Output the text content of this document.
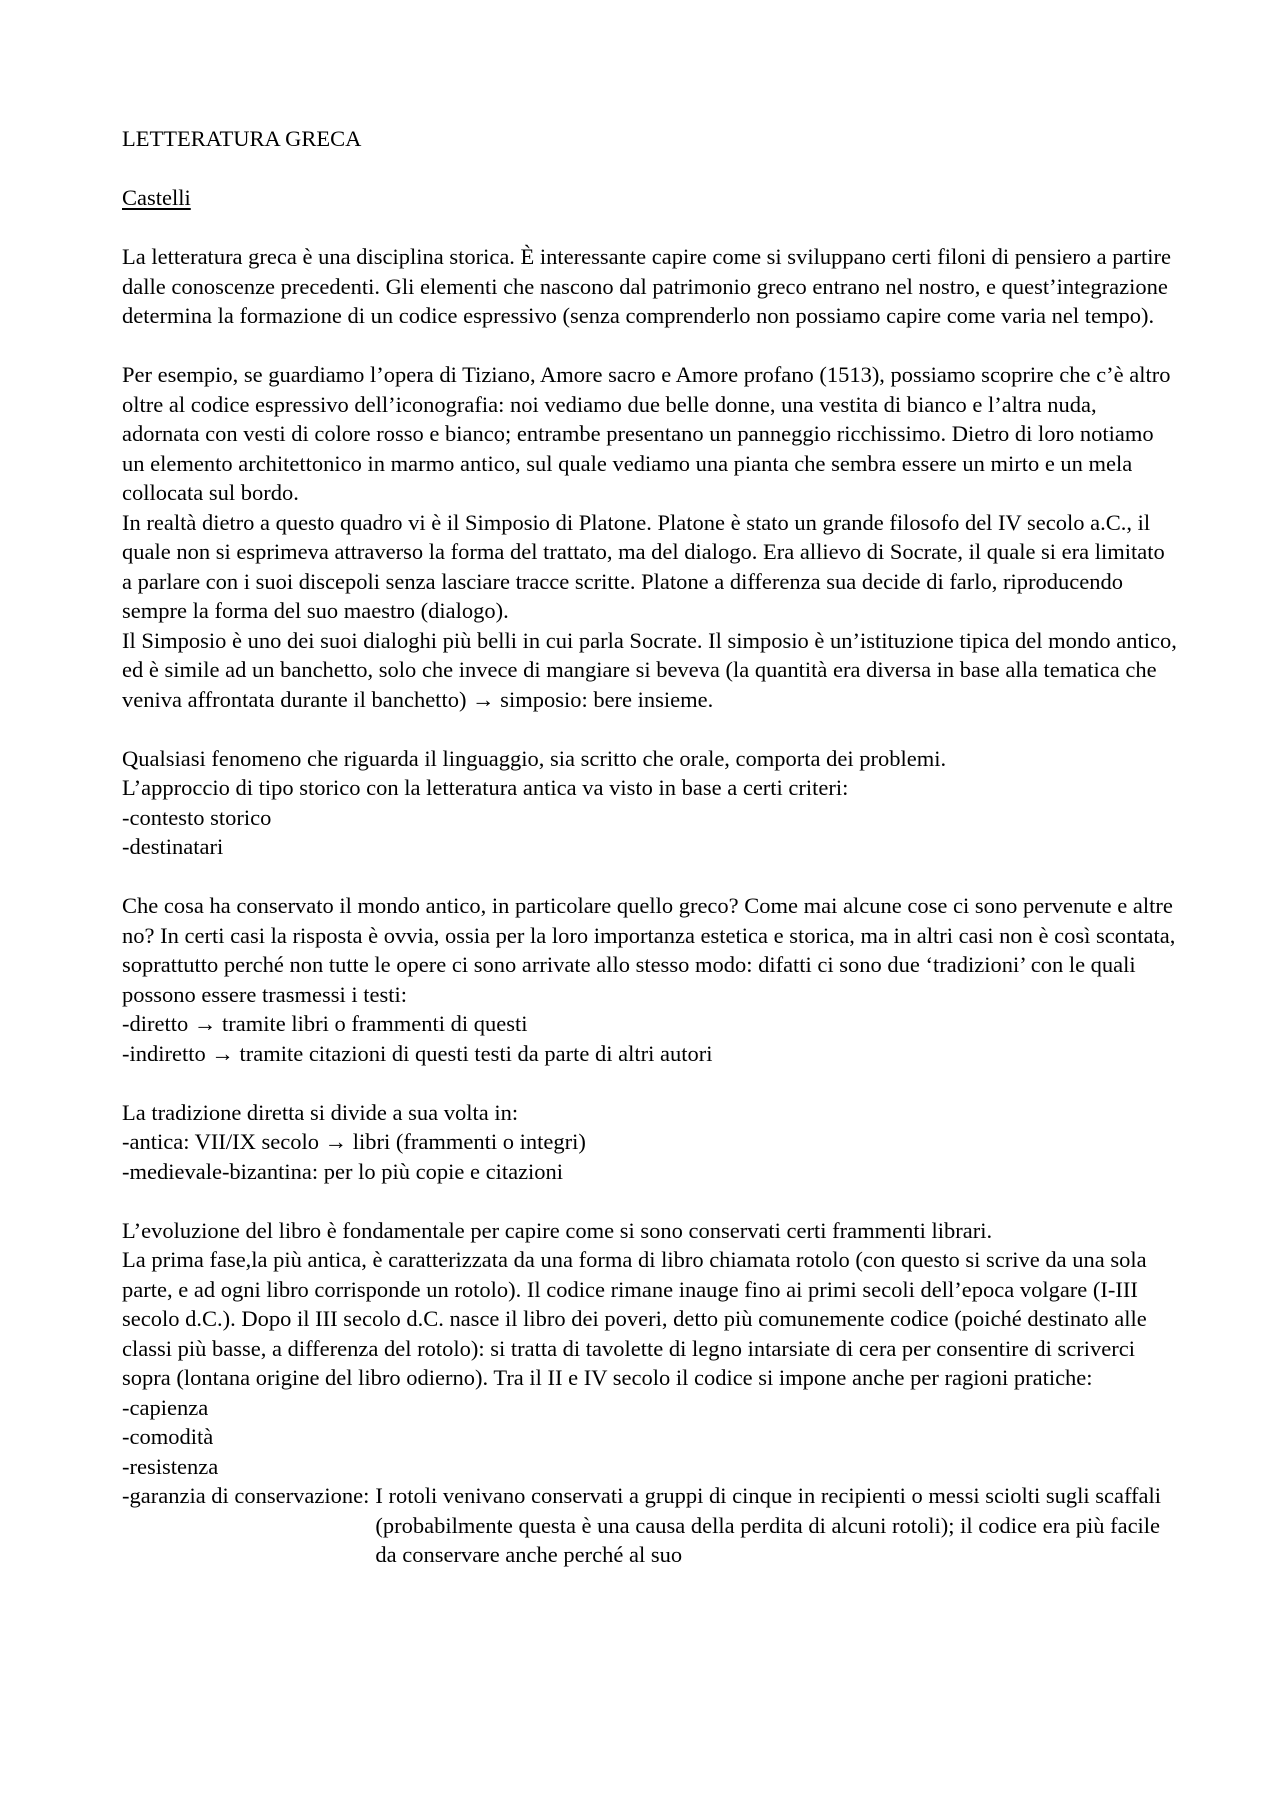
LETTERATURA GRECA
Castelli

La letteratura greca è una disciplina storica. È interessante capire come si sviluppano certi filoni di pensiero a partire dalle conoscenze precedenti. Gli elementi che nascono dal patrimonio greco entrano nel nostro, e quest’integrazione determina la formazione di un codice espressivo (senza comprenderlo non possiamo capire come varia nel tempo).

Per esempio, se guardiamo l’opera di Tiziano, Amore sacro e Amore profano (1513), possiamo scoprire che c’è altro oltre al codice espressivo dell’iconografia: noi vediamo due belle donne, una vestita di bianco e l’altra nuda, adornata con vesti di colore rosso e bianco; entrambe presentano un panneggio ricchissimo. Dietro di loro notiamo un elemento architettonico in marmo antico, sul quale vediamo una pianta che sembra essere un mirto e un mela collocata sul bordo.

In realtà dietro a questo quadro vi è il Simposio di Platone. Platone è stato un grande filosofo del IV secolo a.C., il quale non si esprimeva attraverso la forma del trattato, ma del dialogo. Era allievo di Socrate, il quale si era limitato a parlare con i suoi discepoli senza lasciare tracce scritte. Platone a differenza sua decide di farlo, riproducendo sempre la forma del suo maestro (dialogo).

Il Simposio è uno dei suoi dialoghi più belli in cui parla Socrate. Il simposio è un’istituzione tipica del mondo antico, ed è simile ad un banchetto, solo che invece di mangiare si beveva (la quantità era diversa in base alla tematica che veniva affrontata durante il banchetto) → simposio: bere insieme.

Qualsiasi fenomeno che riguarda il linguaggio, sia scritto che orale, comporta dei problemi.

L’approccio di tipo storico con la letteratura antica va visto in base a certi criteri:

-contesto storico

-destinatari

Che cosa ha conservato il mondo antico, in particolare quello greco? Come mai alcune cose ci sono pervenute e altre no? In certi casi la risposta è ovvia, ossia per la loro importanza estetica e storica, ma in altri casi non è così scontata, soprattutto perché non tutte le opere ci sono arrivate allo stesso modo: difatti ci sono due ‘tradizioni’ con le quali possono essere trasmessi i testi:

-diretto → tramite libri o frammenti di questi

-indiretto → tramite citazioni di questi testi da parte di altri autori

La tradizione diretta si divide a sua volta in:

-antica: VII/IX secolo → libri (frammenti o integri)

-medievale-bizantina: per lo più copie e citazioni

L’evoluzione del libro è fondamentale per capire come si sono conservati certi frammenti librari.

La prima fase,la più antica, è caratterizzata da una forma di libro chiamata rotolo (con questo si scrive da una sola parte, e ad ogni libro corrisponde un rotolo). Il codice rimane inauge fino ai primi secoli dell’epoca volgare (I-III secolo d.C.). Dopo il III secolo d.C. nasce il libro dei poveri, detto più comunemente codice (poiché destinato alle classi più basse, a differenza del rotolo): si tratta di tavolette di legno intarsiate di cera per consentire di scriverci sopra (lontana origine del libro odierno). Tra il II e IV secolo il codice si impone anche per ragioni pratiche:

-capienza

-comodità

-resistenza

-garanzia di conservazione: I rotoli venivano conservati a gruppi di cinque in recipienti o messi sciolti sugli scaffali (probabilmente questa è una causa della perdita di alcuni rotoli); il codice era più facile da conservare anche perché al suo
